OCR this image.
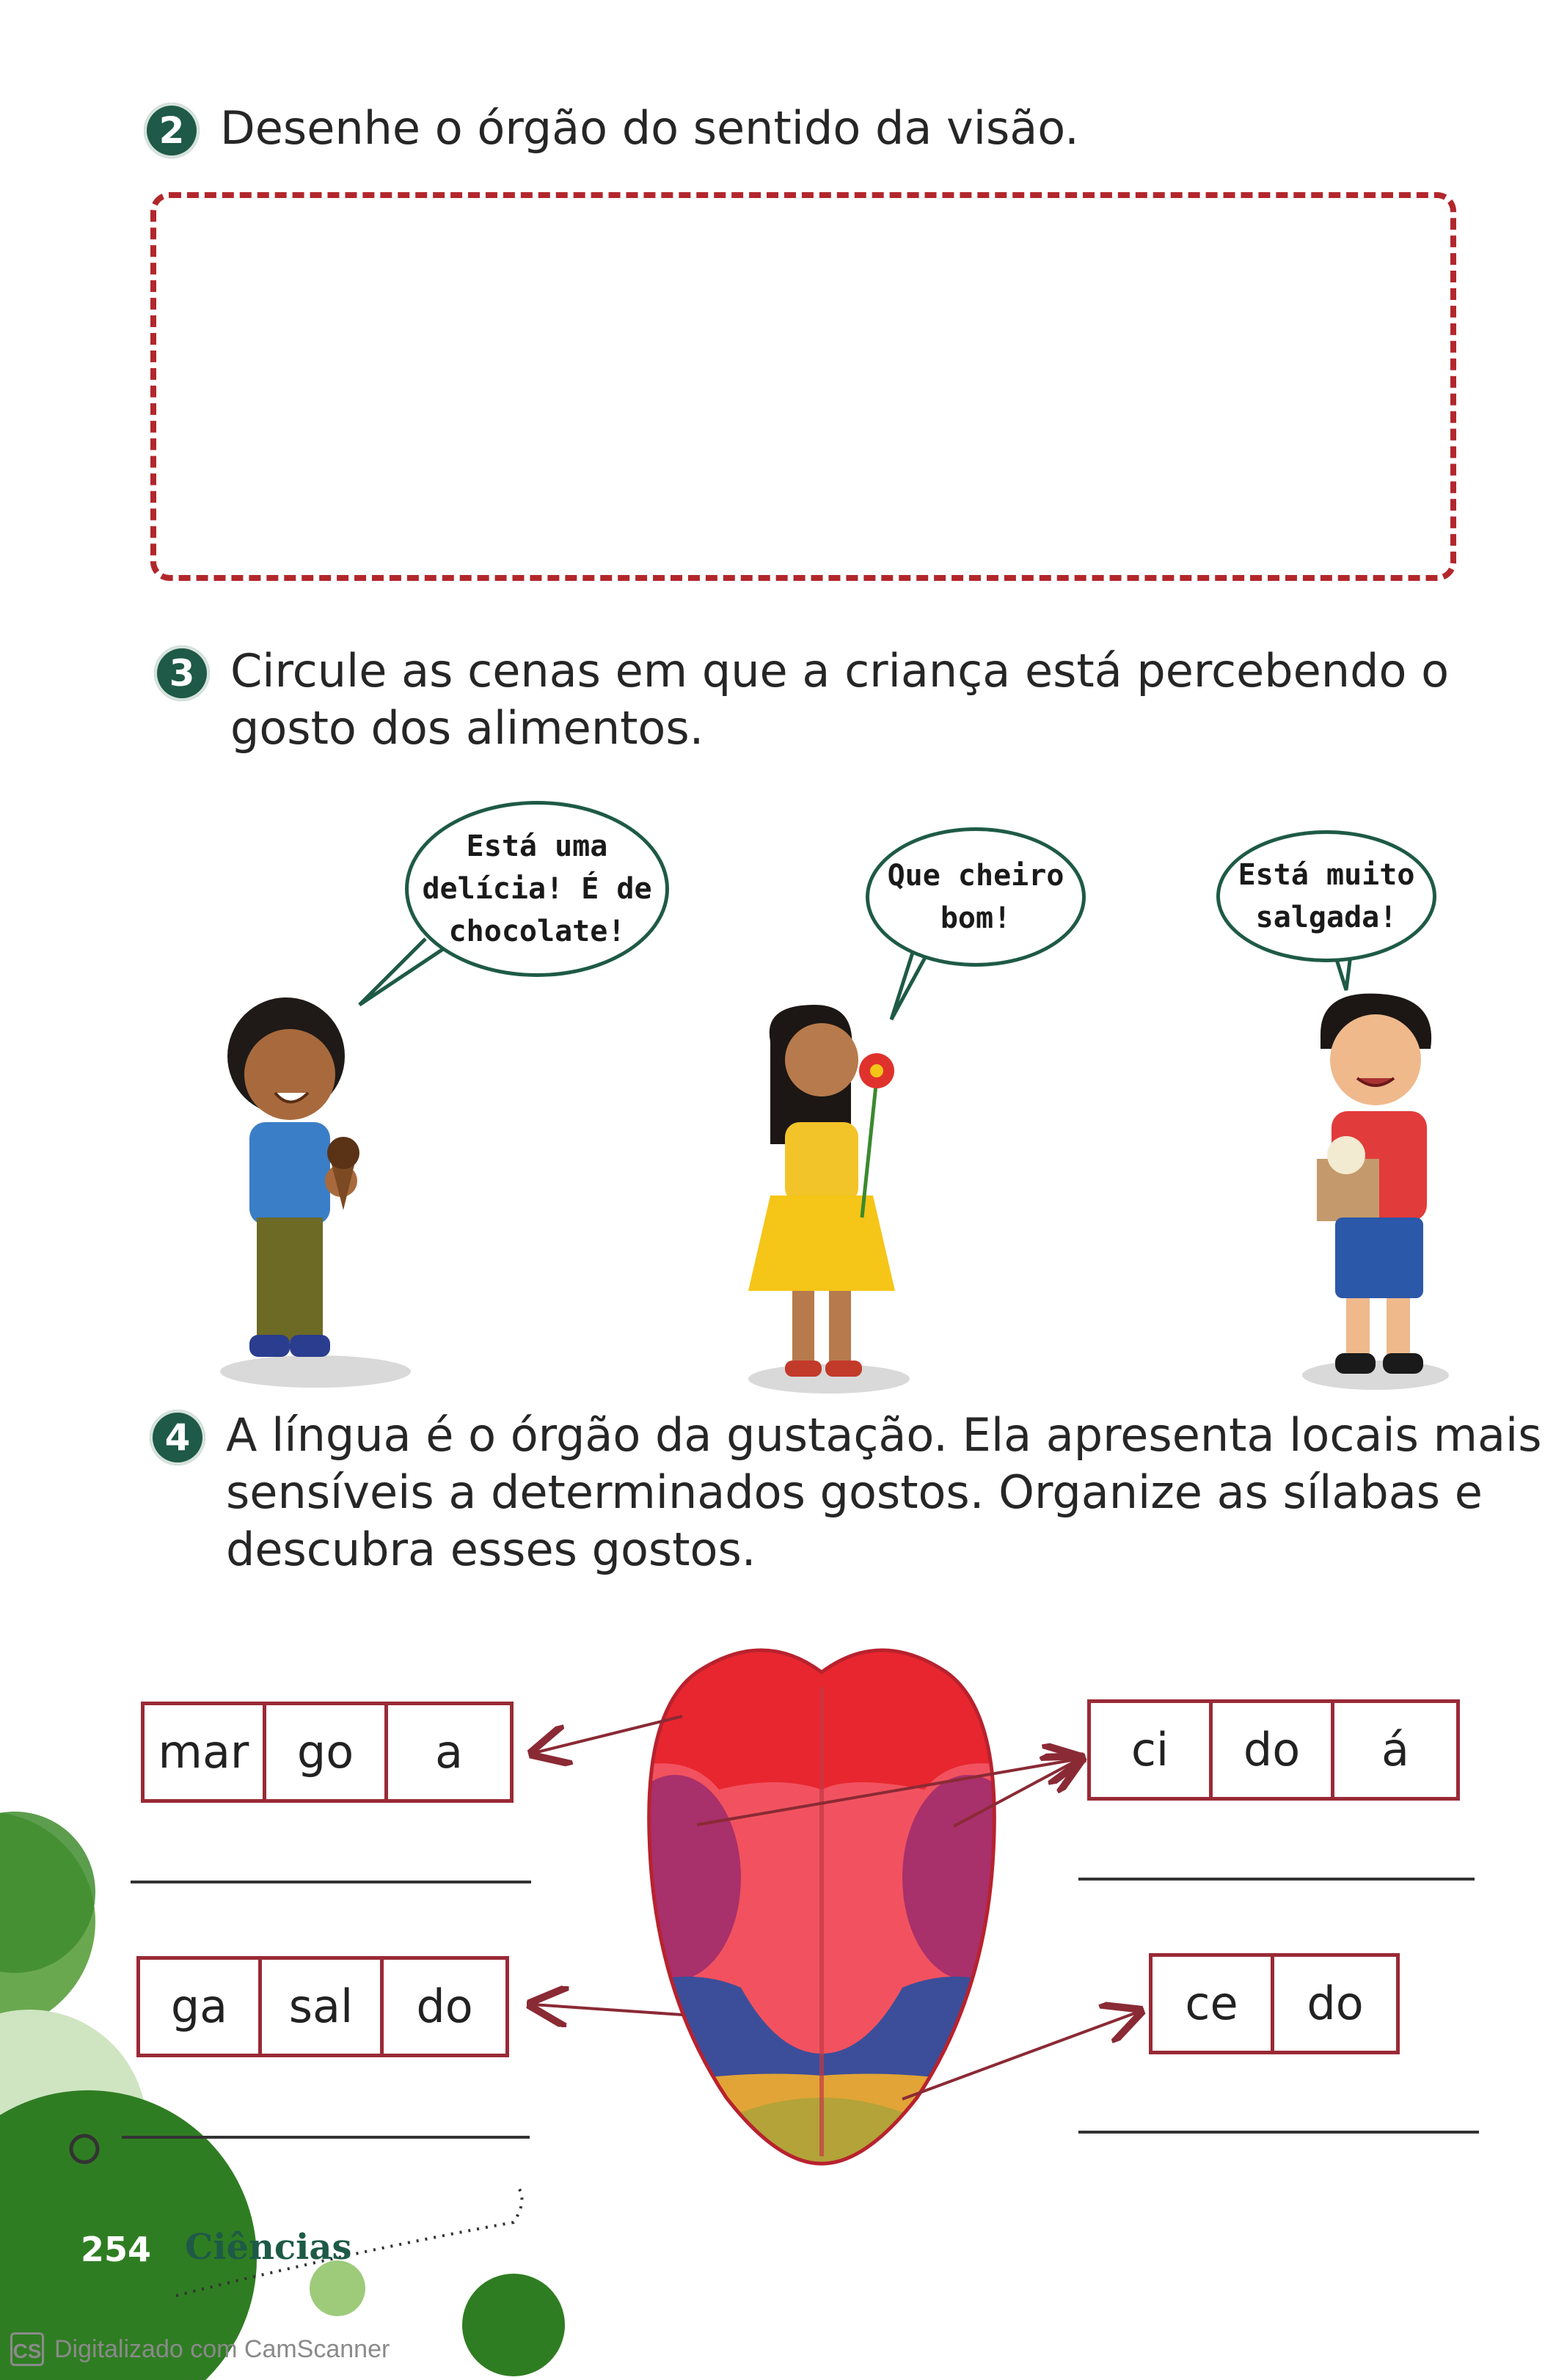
2 Desenhe o órgão do sentido da visão.
3 Circule as cenas em que a criança está percebendo o
gosto dos alimentos.
Está uma
delícia! É de
chocolate!
Que cheiro
bom!
Está muito
salgada!
4 A língua é o órgão da gustação. Ela apresenta locais mais
sensíveis a determinados gostos. Organize as sílabas e
descubra esses gostos.
mar	go	a	ci	do	á
ga	sal	do	ce	do
254 Ciências
CS Digitalizado com CamScanner
